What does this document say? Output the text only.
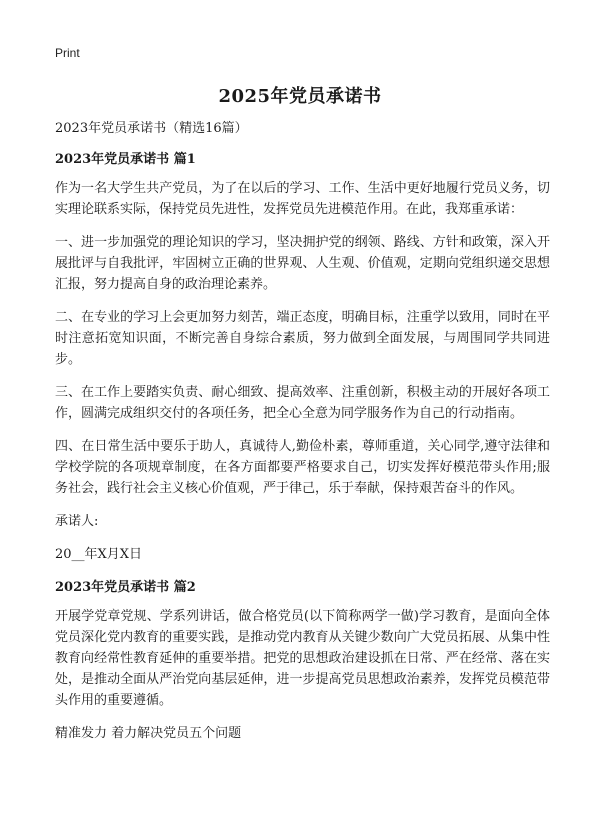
Print
2025年党员承诺书

2023年党员承诺书（精选16篇）

2023年党员承诺书 篇1

作为一名大学生共产党员，为了在以后的学习、工作、生活中更好地履行党员义务，切实理论联系实际，保持党员先进性，发挥党员先进模范作用。在此，我郑重承诺：

一、进一步加强党的理论知识的学习，坚决拥护党的纲领、路线、方针和政策，深入开展批评与自我批评，牢固树立正确的世界观、人生观、价值观，定期向党组织递交思想汇报，努力提高自身的政治理论素养。

二、在专业的学习上会更加努力刻苦，端正态度，明确目标，注重学以致用，同时在平时注意拓宽知识面，不断完善自身综合素质，努力做到全面发展，与周围同学共同进步。

三、在工作上要踏实负责、耐心细致、提高效率、注重创新，积极主动的开展好各项工作，圆满完成组织交付的各项任务，把全心全意为同学服务作为自己的行动指南。

四、在日常生活中要乐于助人，真诚待人,勤俭朴素，尊师重道，关心同学,遵守法律和学校学院的各项规章制度，在各方面都要严格要求自己，切实发挥好模范带头作用;服务社会，践行社会主义核心价值观，严于律己，乐于奉献，保持艰苦奋斗的作风。

承诺人:

20__年X月X日

2023年党员承诺书 篇2

开展学党章党规、学系列讲话，做合格党员(以下简称两学一做)学习教育，是面向全体党员深化党内教育的重要实践，是推动党内教育从关键少数向广大党员拓展、从集中性教育向经常性教育延伸的重要举措。把党的思想政治建设抓在日常、严在经常、落在实处，是推动全面从严治党向基层延伸，进一步提高党员思想政治素养，发挥党员模范带头作用的重要遵循。

精准发力 着力解决党员五个问题
